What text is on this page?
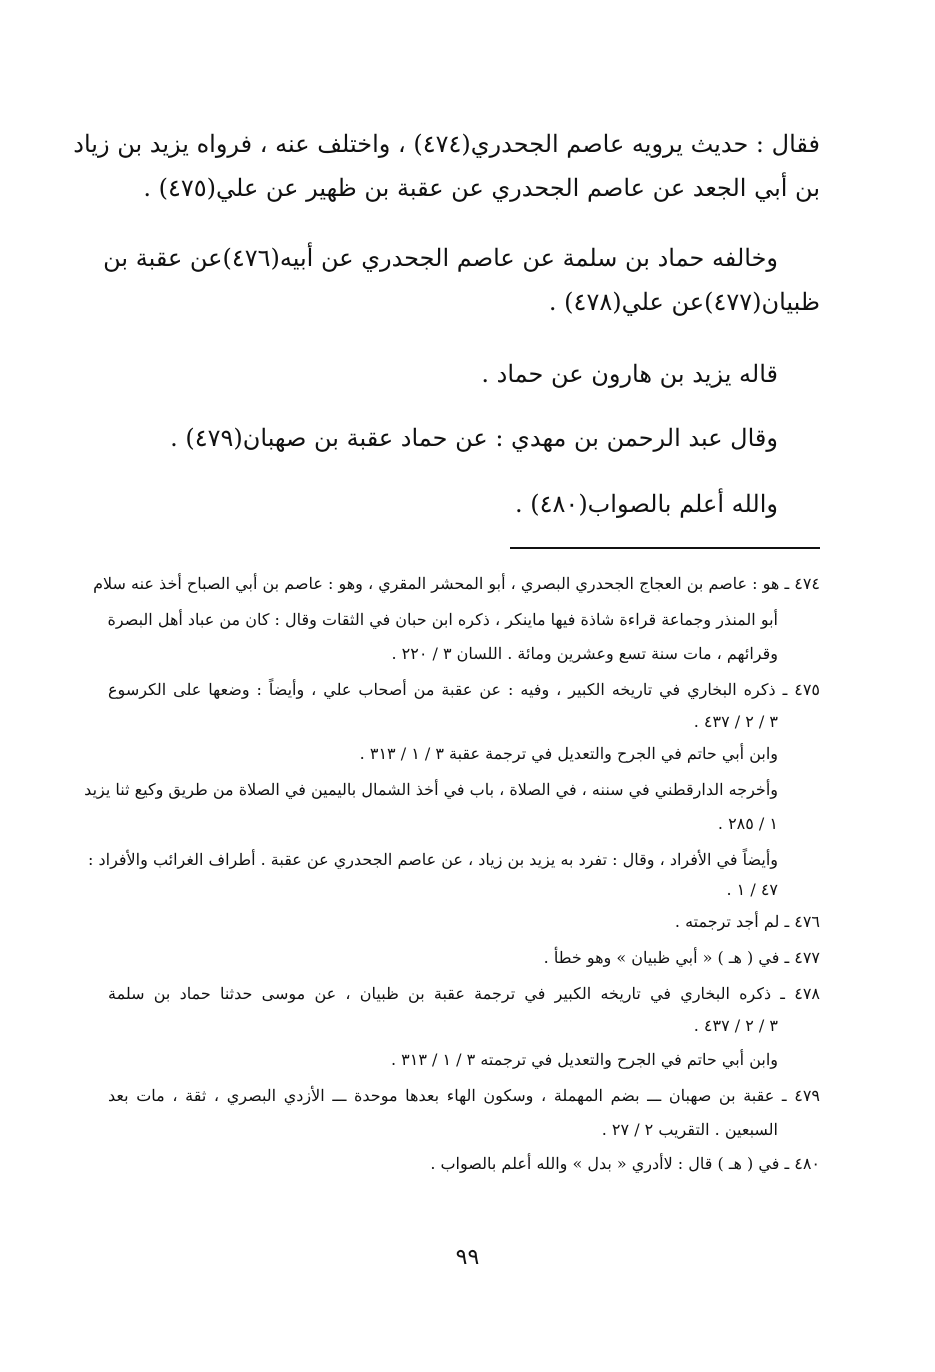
فقال : حديث يرويه عاصم الجحدري(٤٧٤) ، واختلف عنه ، فرواه يزيد بن زياد
بن أبي الجعد عن عاصم الجحدري عن عقبة بن ظهير عن علي(٤٧٥) .
وخالفه حماد بن سلمة عن عاصم الجحدري عن أبيه(٤٧٦)عن عقبة بن
ظبيان(٤٧٧)عن علي(٤٧٨) .
قاله يزيد بن هارون عن حماد .
وقال عبد الرحمن بن مهدي : عن حماد عقبة بن صهبان(٤٧٩) .
والله أعلم بالصواب(٤٨٠) .
٤٧٤ ـ هو : عاصم بن العجاج الجحدري البصري ، أبو المحشر المقري ، وهو : عاصم بن أبي الصباح أخذ عنه سلام
أبو المنذر وجماعة قراءة شاذة فيها ماينكر ، ذكره ابن حبان في الثقات وقال : كان من عباد أهل البصرة
وقرائهم ، مات سنة تسع وعشرين ومائة . اللسان ٣ / ٢٢٠ .
٤٧٥ ـ ذكره البخاري في تاريخه الكبير ، وفيه : عن عقبة من أصحاب علي ، وأيضاً : وضعها على الكرسوع
٣ / ٢ / ٤٣٧ .
وابن أبي حاتم في الجرح والتعديل في ترجمة عقبة ٣ / ١ / ٣١٣ .
وأخرجه الدارقطني في سننه ، في الصلاة ، باب في أخذ الشمال باليمين في الصلاة من طريق وكيع ثنا يزيد
١ / ٢٨٥ .
وأيضاً في الأفراد ، وقال : تفرد به يزيد بن زياد ، عن عاصم الجحدري عن عقبة . أطراف الغرائب والأفراد :
٤٧ / ١ .
٤٧٦ ـ لم أجد ترجمته .
٤٧٧ ـ في ( هـ ) « أبي ظبيان » وهو خطأ .
٤٧٨ ـ ذكره البخاري في تاريخه الكبير في ترجمة عقبة بن ظبيان ، عن موسى حدثنا حماد بن سلمة
٣ / ٢ / ٤٣٧ .
وابن أبي حاتم في الجرح والتعديل في ترجمته ٣ / ١ / ٣١٣ .
٤٧٩ ـ عقبة بن صهبان ـــ بضم المهملة ، وسكون الهاء بعدها موحدة ـــ الأزدي البصري ، ثقة ، مات بعد
السبعين . التقريب ٢ / ٢٧ .
٤٨٠ ـ في ( هـ ) قال : لاأدري « بدل » والله أعلم بالصواب .
٩٩
